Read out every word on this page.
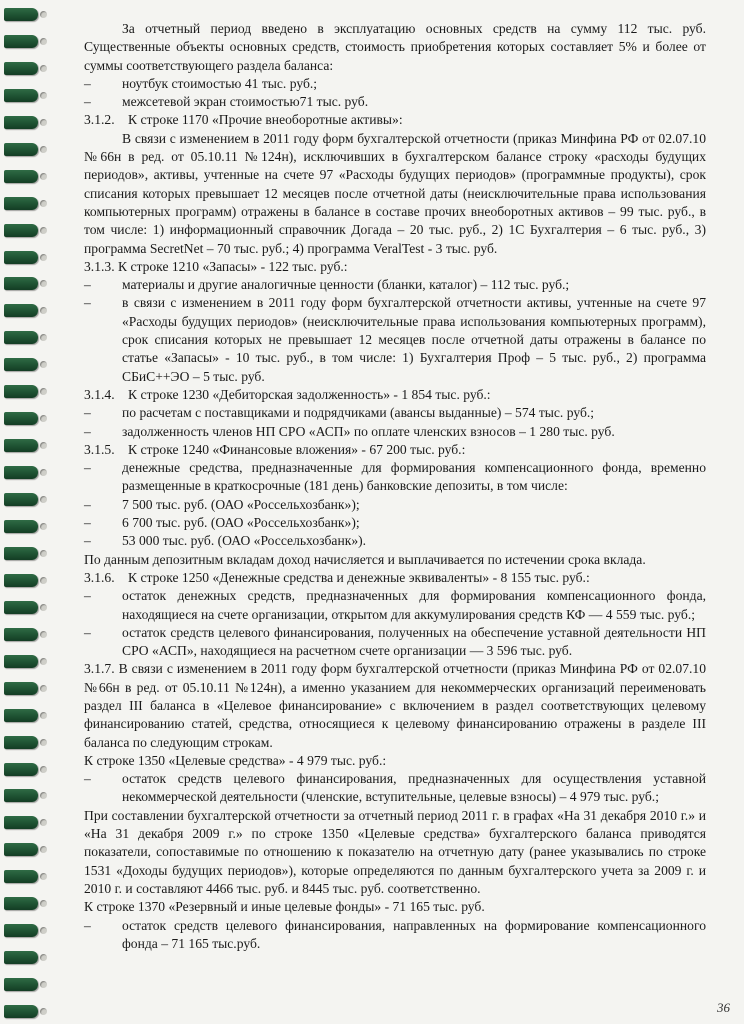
За отчетный период введено в эксплуатацию основных средств на сумму 112 тыс. руб. Существенные объекты основных средств, стоимость приобретения которых составляет 5% и более от суммы соответствующего раздела баланса:

–	ноутбук стоимостью 41 тыс. руб.;
–	межсетевой экран стоимостью71 тыс. руб.
3.1.2. К строке 1170 «Прочие внеоборотные активы»:

В связи с изменением в 2011 году форм бухгалтерской отчетности (приказ Минфина РФ от 02.07.10 №66н в ред. от 05.10.11 №124н), исключивших в бухгалтерском балансе строку «расходы будущих периодов», активы, учтенные на счете 97 «Расходы будущих периодов» (программные продукты), срок списания которых превышает 12 месяцев после отчетной даты (неисключительные права использования компьютерных программ) отражены в балансе в составе прочих внеоборотных активов – 99 тыс. руб., в том числе: 1) информационный справочник Догада – 20 тыс. руб., 2) 1С Бухгалтерия – 6 тыс. руб., 3) программа SecretNet – 70 тыс. руб.; 4) программа VeralTest - 3 тыс. руб.

3.1.3. К строке 1210 «Запасы» - 122 тыс. руб.:

–	материалы и другие аналогичные ценности (бланки, каталог) – 112 тыс. руб.;
–	в связи с изменением в 2011 году форм бухгалтерской отчетности активы, учтенные на счете 97 «Расходы будущих периодов» (неисключительные права использования компьютерных программ), срок списания которых не превышает 12 месяцев после отчетной даты отражены в балансе по статье «Запасы» - 10 тыс. руб., в том числе: 1) Бухгалтерия Проф – 5 тыс. руб., 2) программа СБиС++ЭО – 5 тыс. руб.
3.1.4. К строке 1230 «Дебиторская задолженность» - 1 854 тыс. руб.:
–	по расчетам с поставщиками и подрядчиками (авансы выданные) – 574 тыс. руб.;
–	задолженность членов НП СРО «АСП» по оплате членских взносов – 1 280 тыс. руб.
3.1.5. К строке 1240 «Финансовые вложения» - 67 200 тыс. руб.:
–	денежные средства, предназначенные для формирования компенсационного фонда, временно размещенные в краткосрочные (181 день) банковские депозиты, в том числе:
–	7 500 тыс. руб. (ОАО «Россельхозбанк»);
–	6 700 тыс. руб. (ОАО «Россельхозбанк»);
–	53 000 тыс. руб. (ОАО «Россельхозбанк»).

По данным депозитным вкладам доход начисляется и выплачивается по истечении срока вклада.

3.1.6. К строке 1250 «Денежные средства и денежные эквиваленты» - 8 155 тыс. руб.:
–	остаток денежных средств, предназначенных для формирования компенсационного фонда, находящиеся на счете организации, открытом для аккумулирования средств КФ — 4 559 тыс. руб.;
–	остаток средств целевого финансирования, полученных на обеспечение уставной деятельности НП СРО «АСП», находящиеся на расчетном счете организации — 3 596 тыс. руб.

3.1.7. В связи с изменением в 2011 году форм бухгалтерской отчетности (приказ Минфина РФ от 02.07.10 №66н в ред. от 05.10.11 №124н), а именно указанием для некоммерческих организаций переименовать раздел III баланса в «Целевое финансирование» с включением в раздел соответствующих целевому финансированию статей, средства, относящиеся к целевому финансированию отражены в разделе III баланса по следующим строкам.

К строке 1350 «Целевые средства» - 4 979 тыс. руб.:

–	остаток средств целевого финансирования, предназначенных для осуществления уставной некоммерческой деятельности (членские, вступительные, целевые взносы) – 4 979 тыс. руб.;

При составлении бухгалтерской отчетности за отчетный период 2011 г. в графах «На 31 декабря 2010 г.» и «На 31 декабря 2009 г.» по строке 1350 «Целевые средства» бухгалтерского баланса приводятся показатели, сопоставимые по отношению к показателю на отчетную дату (ранее указывались по строке 1531 «Доходы будущих периодов»), которые определяются по данным бухгалтерского учета за 2009 г. и 2010 г. и составляют 4466 тыс. руб. и 8445 тыс. руб. соответственно.

К строке 1370 «Резервный и иные целевые фонды» - 71 165 тыс. руб.

–	остаток средств целевого финансирования, направленных на формирование компенсационного фонда – 71 165 тыс.руб.
36
